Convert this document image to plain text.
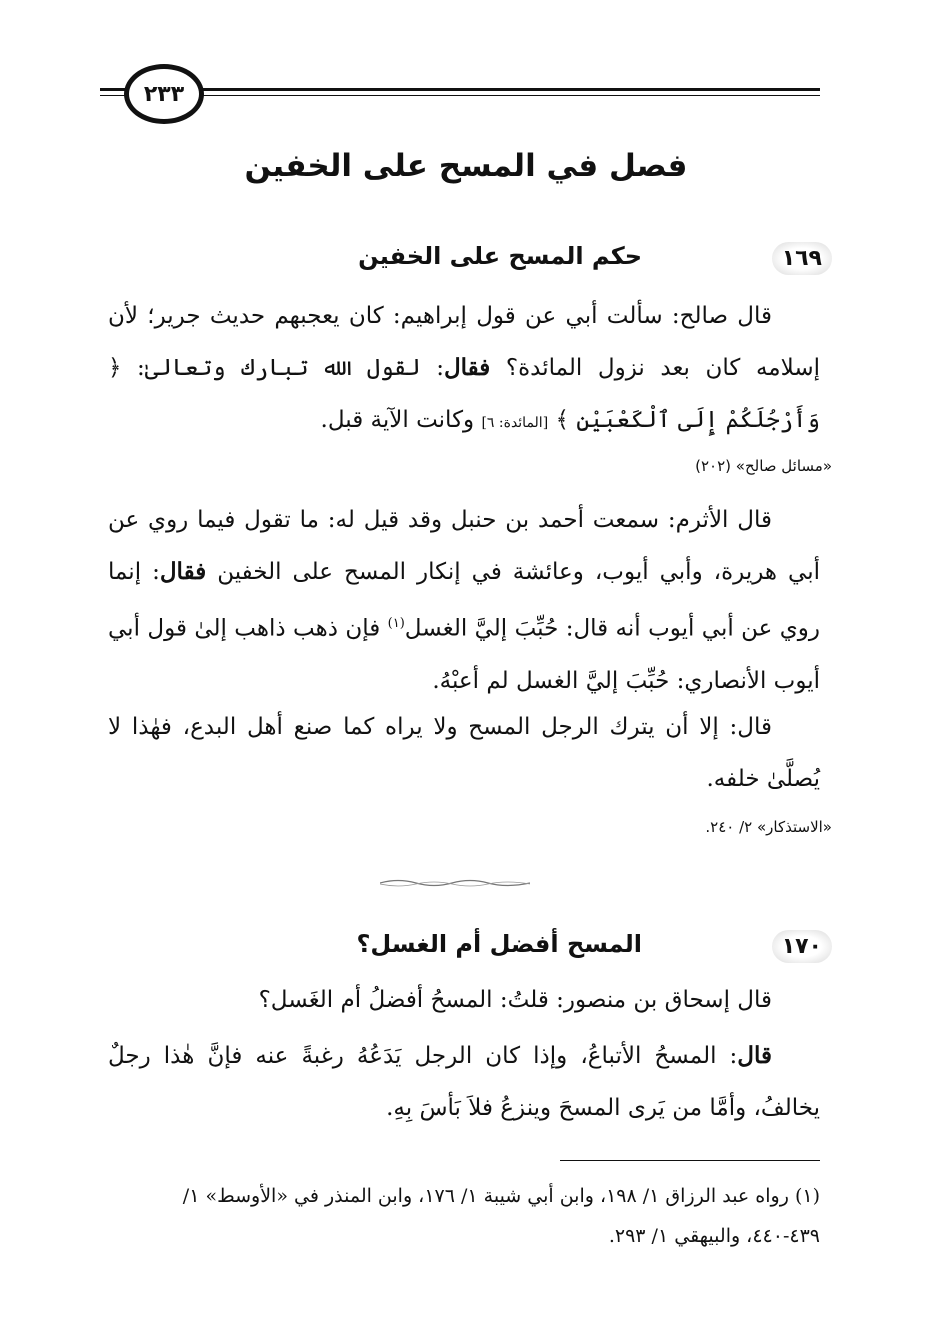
٢٣٣
فصل في المسح على الخفين
١٦٩
حكم المسح على الخفين

قال صالح: سألت أبي عن قول إبراهيم: كان يعجبهم حديث جرير؛ لأن إسلامه كان بعد نزول المائدة؟ فقال: لقول الله تبارك وتعالىٰ: ﴿ وَأَرْجُلَكُمْ إِلَى ٱلْكَعْبَيْنِ ﴾ [المائدة: ٦] وكانت الآية قبل.

«مسائل صالح» (٢٠٢)

قال الأثرم: سمعت أحمد بن حنبل وقد قيل له: ما تقول فيما روي عن أبي هريرة، وأبي أيوب، وعائشة في إنكار المسح على الخفين فقال: إنما روي عن أبي أيوب أنه قال: حُبِّبَ إليَّ الغسل$^{(١)}$ فإن ذهب ذاهب إلىٰ قول أبي أيوب الأنصاري: حُبِّبَ إليَّ الغسل لم أعبْهُ.

قال: إلا أن يترك الرجل المسح ولا يراه كما صنع أهل البدع، فهٰذا لا يُصلَّىٰ خلفه.

«الاستذكار» ٢/ ٢٤٠.
١٧٠
المسح أفضل أم الغسل؟

قال إسحاق بن منصور: قلتُ: المسحُ أفضلُ أم الغَسل؟

قال: المسحُ الأتباعُ، وإذا كان الرجل يَدَعُهُ رغبةً عنه فإنَّ هٰذا رجلٌ يخالفُ، وأمَّا من يَرى المسحَ وينزعُ فلاَ بَأسَ بِهِ.

(١) رواه عبد الرزاق ١/ ١٩٨، وابن أبي شيبة ١/ ١٧٦، وابن المنذر في «الأوسط» ١/ ٤٣٩-٤٤٠، والبيهقي ١/ ٢٩٣.
